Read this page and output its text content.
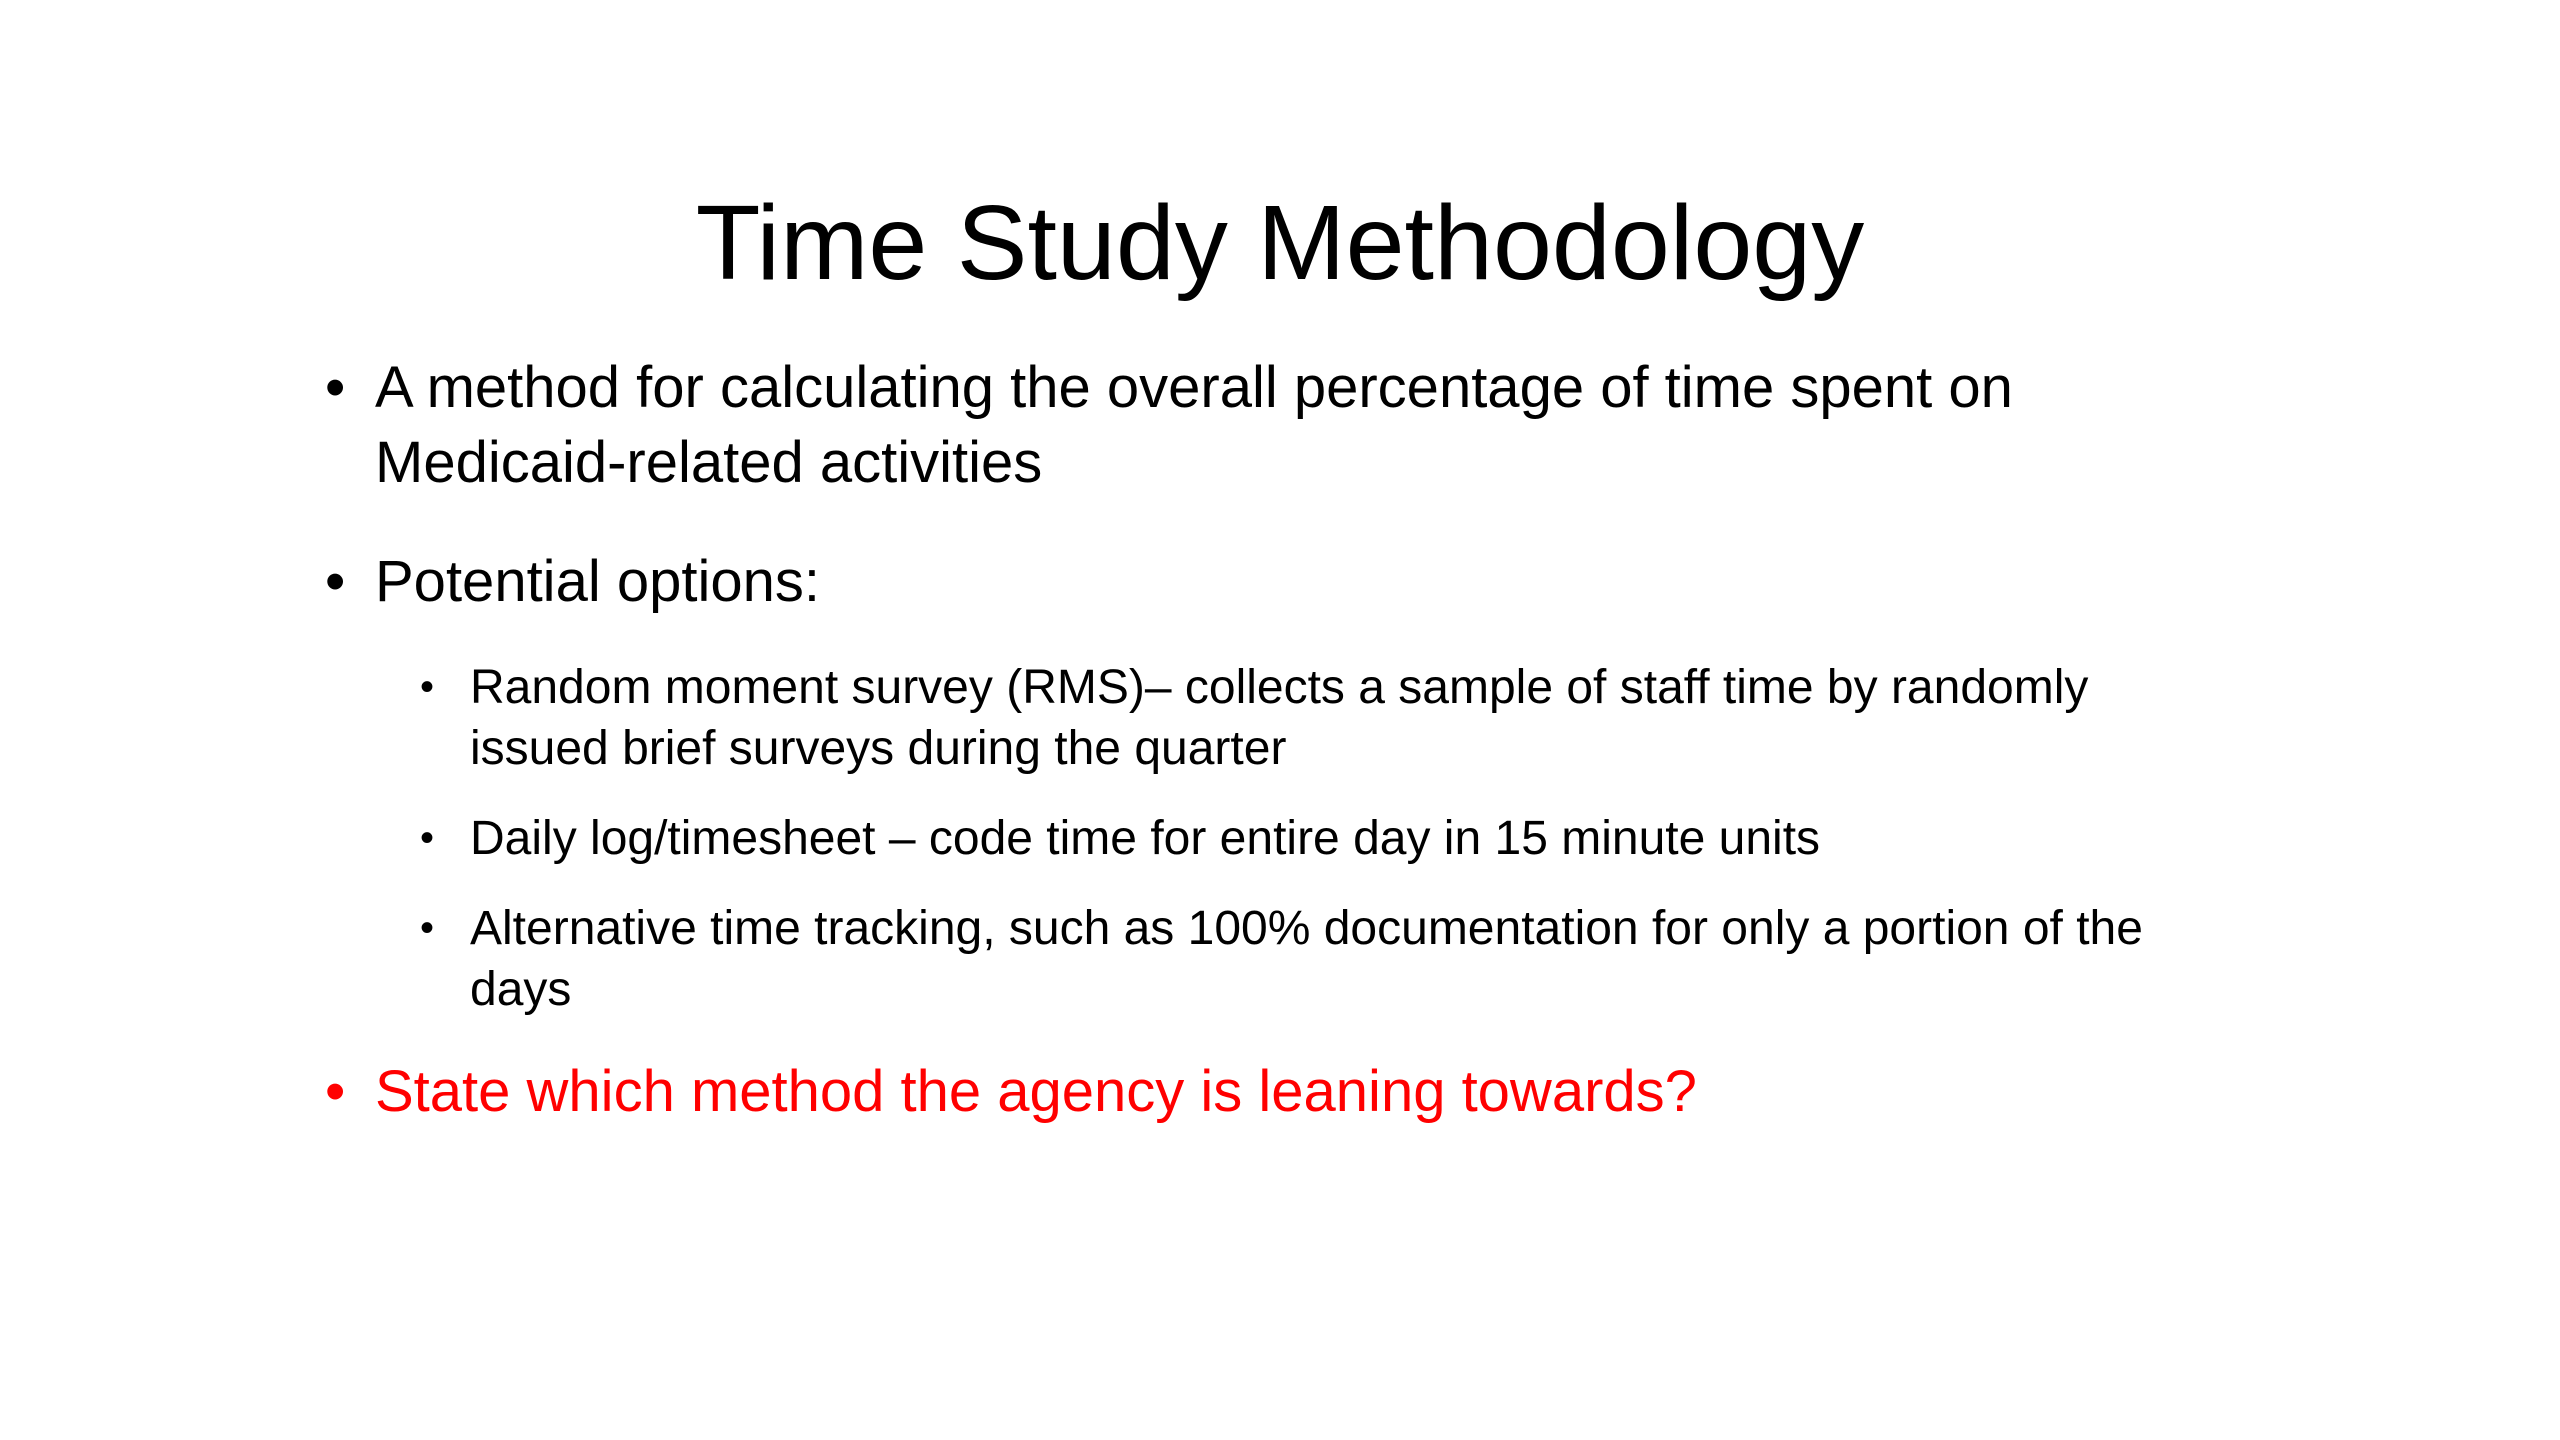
Time Study Methodology
• A method for calculating the overall percentage of time spent on Medicaid-related activities
• Potential options:
• Random moment survey (RMS)– collects a sample of staff time by randomly issued brief surveys during the quarter
• Daily log/timesheet – code time for entire day in 15 minute units
• Alternative time tracking, such as 100% documentation for only a portion of the days
• State which method the agency is leaning towards?
